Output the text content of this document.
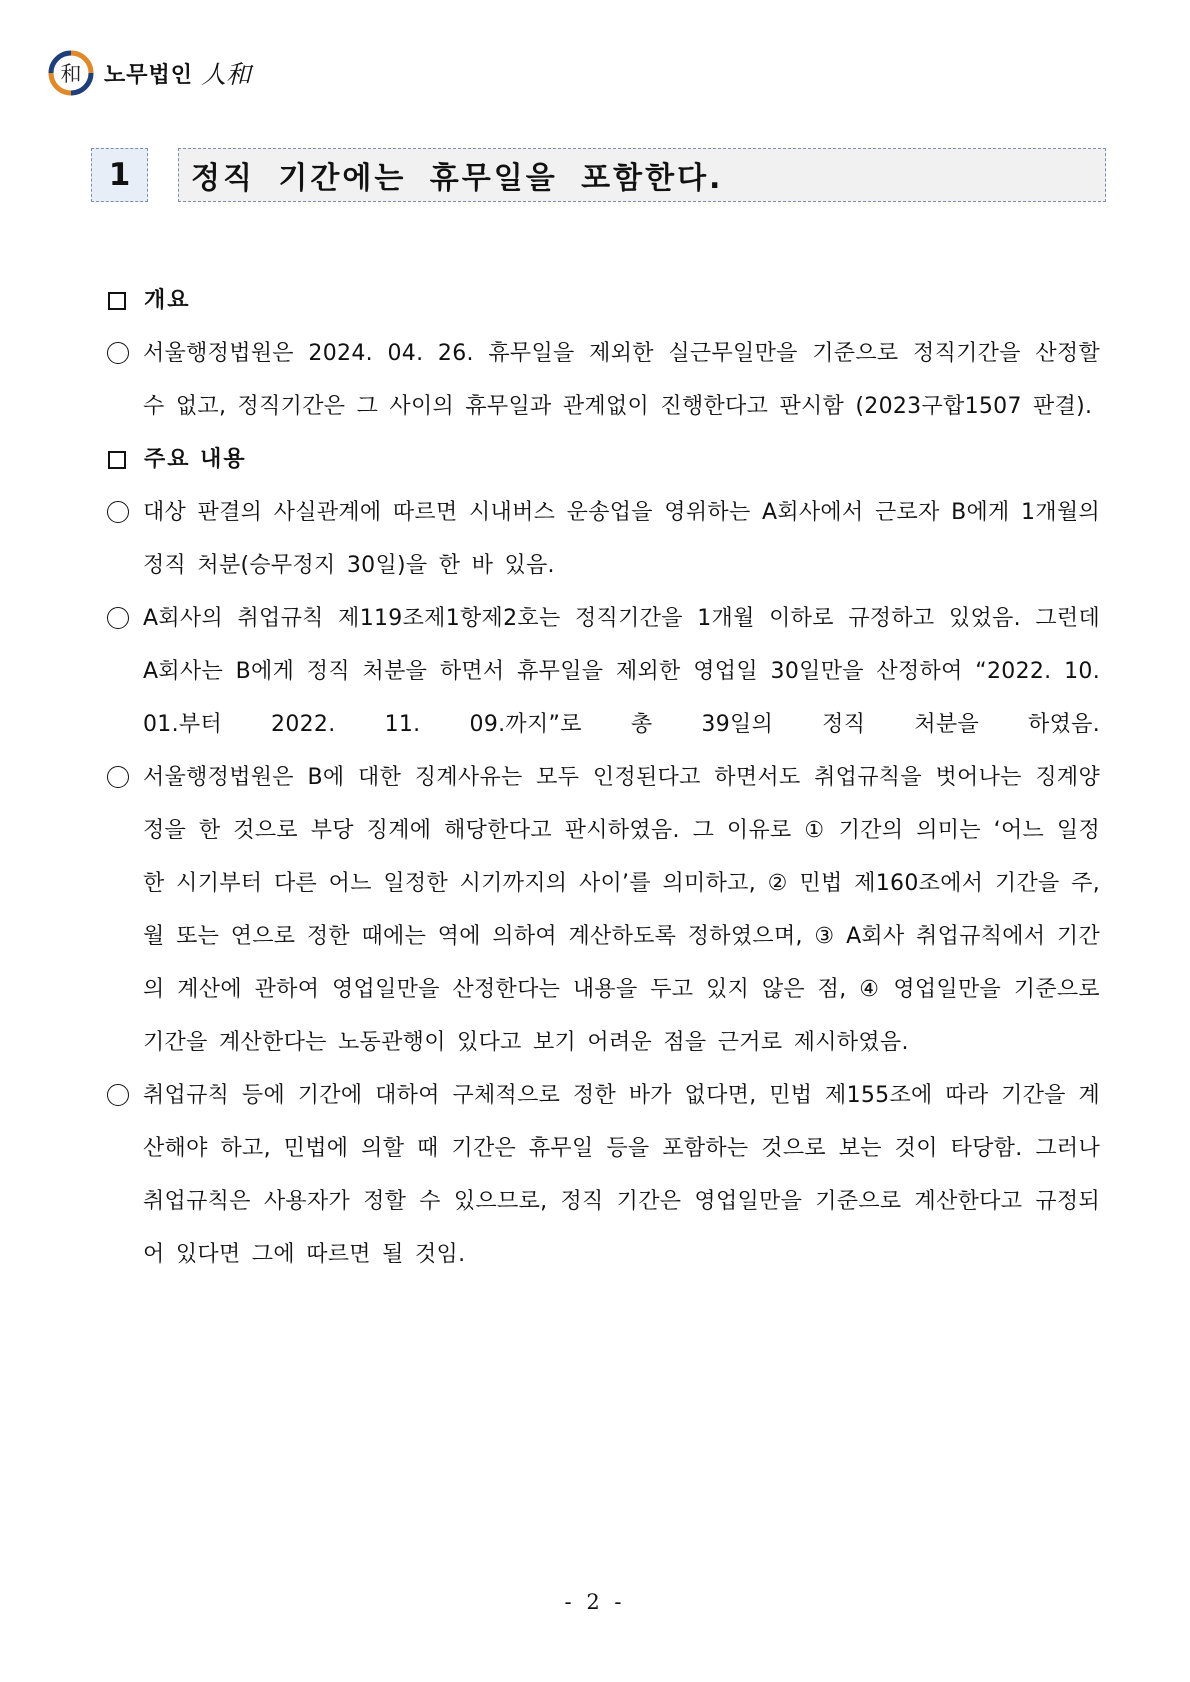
和 노무법인 人和
1	정직 기간에는 휴무일을 포함한다.
개요
서울행정법원은 2024. 04. 26. 휴무일을 제외한 실근무일만을 기준으로 정직기간을 산정할 수 없고, 정직기간은 그 사이의 휴무일과 관계없이 진행한다고 판시함 (2023구합1507 판결).
주요 내용
대상 판결의 사실관계에 따르면 시내버스 운송업을 영위하는 A회사에서 근로자 B에게 1개월의 정직 처분(승무정지 30일)을 한 바 있음.
A회사의 취업규칙 제119조제1항제2호는 정직기간을 1개월 이하로 규정하고 있었음. 그런데 A회사는 B에게 정직 처분을 하면서 휴무일을 제외한 영업일 30일만을 산정하여 “2022. 10. 01.부터 2022. 11. 09.까지”로 총 39일의 정직 처분을 하였음.
서울행정법원은 B에 대한 징계사유는 모두 인정된다고 하면서도 취업규칙을 벗어나는 징계양정을 한 것으로 부당 징계에 해당한다고 판시하였음. 그 이유로 ① 기간의 의미는 ‘어느 일정한 시기부터 다른 어느 일정한 시기까지의 사이’를 의미하고, ② 민법 제160조에서 기간을 주, 월 또는 연으로 정한 때에는 역에 의하여 계산하도록 정하였으며, ③ A회사 취업규칙에서 기간의 계산에 관하여 영업일만을 산정한다는 내용을 두고 있지 않은 점, ④ 영업일만을 기준으로 기간을 계산한다는 노동관행이 있다고 보기 어려운 점을 근거로 제시하였음.
취업규칙 등에 기간에 대하여 구체적으로 정한 바가 없다면, 민법 제155조에 따라 기간을 계산해야 하고, 민법에 의할 때 기간은 휴무일 등을 포함하는 것으로 보는 것이 타당함. 그러나 취업규칙은 사용자가 정할 수 있으므로, 정직 기간은 영업일만을 기준으로 계산한다고 규정되어 있다면 그에 따르면 될 것임.
- 2 -
